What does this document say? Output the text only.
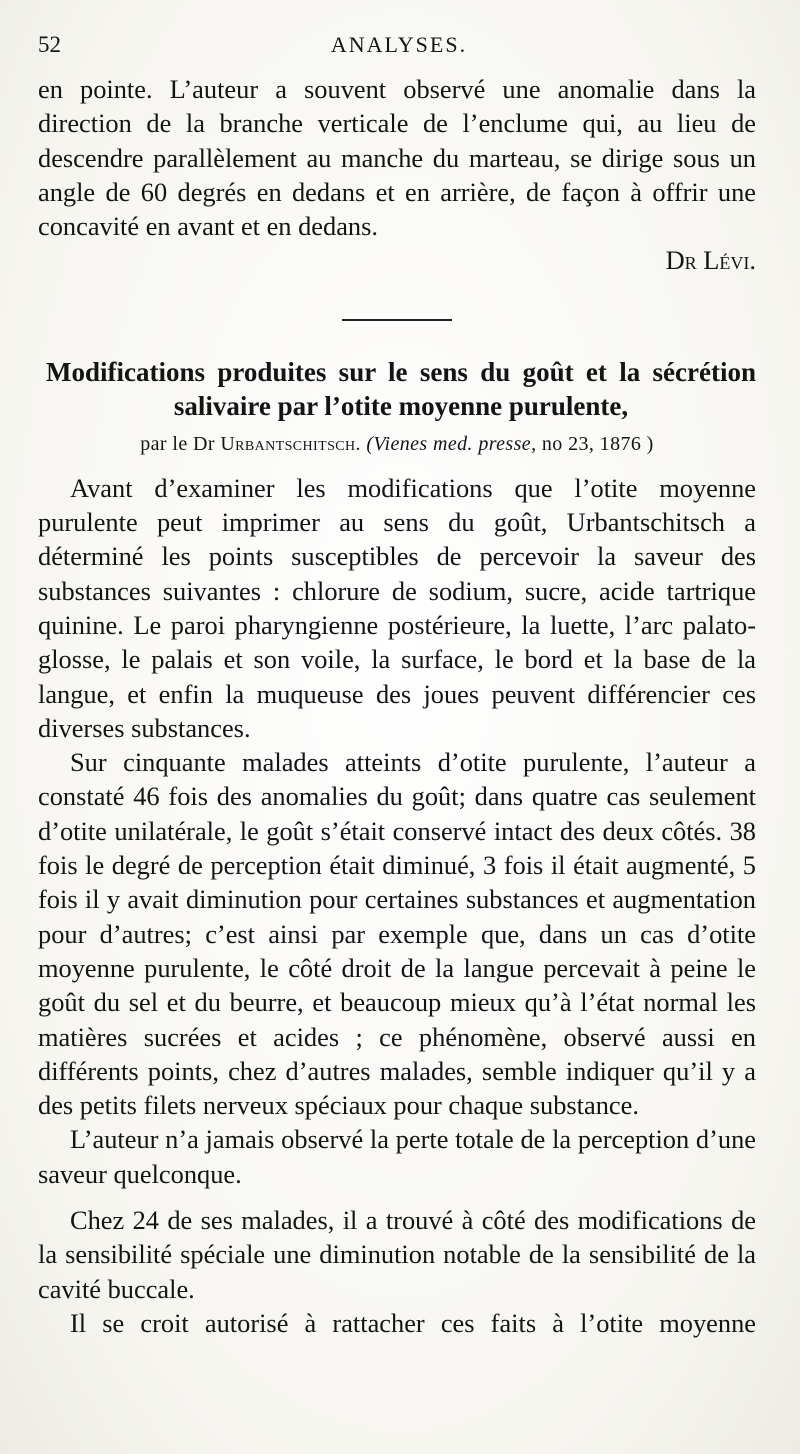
52	ANALYSES.

en pointe. L’auteur a souvent observé une anomalie dans la direction de la branche verticale de l’enclume qui, au lieu de descendre parallèlement au manche du marteau, se dirige sous un angle de 60 degrés en dedans et en arrière, de façon à offrir une concavité en avant et en dedans.

Dr Lévi.

Modifications produites sur le sens du goût et la sécrétion salivaire par l’otite moyenne purulente,

par le Dr Urbantschitsch. (Vienes med. presse, no 23, 1876 )

Avant d’examiner les modifications que l’otite moyenne purulente peut imprimer au sens du goût, Urbantschitsch a déterminé les points susceptibles de percevoir la saveur des substances suivantes : chlorure de sodium, sucre, acide tartrique quinine. Le paroi pharyngienne postérieure, la luette, l’arc palato-glosse, le palais et son voile, la surface, le bord et la base de la langue, et enfin la muqueuse des joues peuvent différencier ces diverses substances.

Sur cinquante malades atteints d’otite purulente, l’auteur a constaté 46 fois des anomalies du goût; dans quatre cas seulement d’otite unilatérale, le goût s’était conservé intact des deux côtés. 38 fois le degré de perception était diminué, 3 fois il était augmenté, 5 fois il y avait diminution pour certaines substances et augmentation pour d’autres; c’est ainsi par exemple que, dans un cas d’otite moyenne purulente, le côté droit de la langue percevait à peine le goût du sel et du beurre, et beaucoup mieux qu’à l’état normal les matières sucrées et acides ; ce phénomène, observé aussi en différents points, chez d’autres malades, semble indiquer qu’il y a des petits filets nerveux spéciaux pour chaque substance.

L’auteur n’a jamais observé la perte totale de la perception d’une saveur quelconque.

Chez 24 de ses malades, il a trouvé à côté des modifications de la sensibilité spéciale une diminution notable de la sensibilité de la cavité buccale.

Il se croit autorisé à rattacher ces faits à l’otite moyenne
